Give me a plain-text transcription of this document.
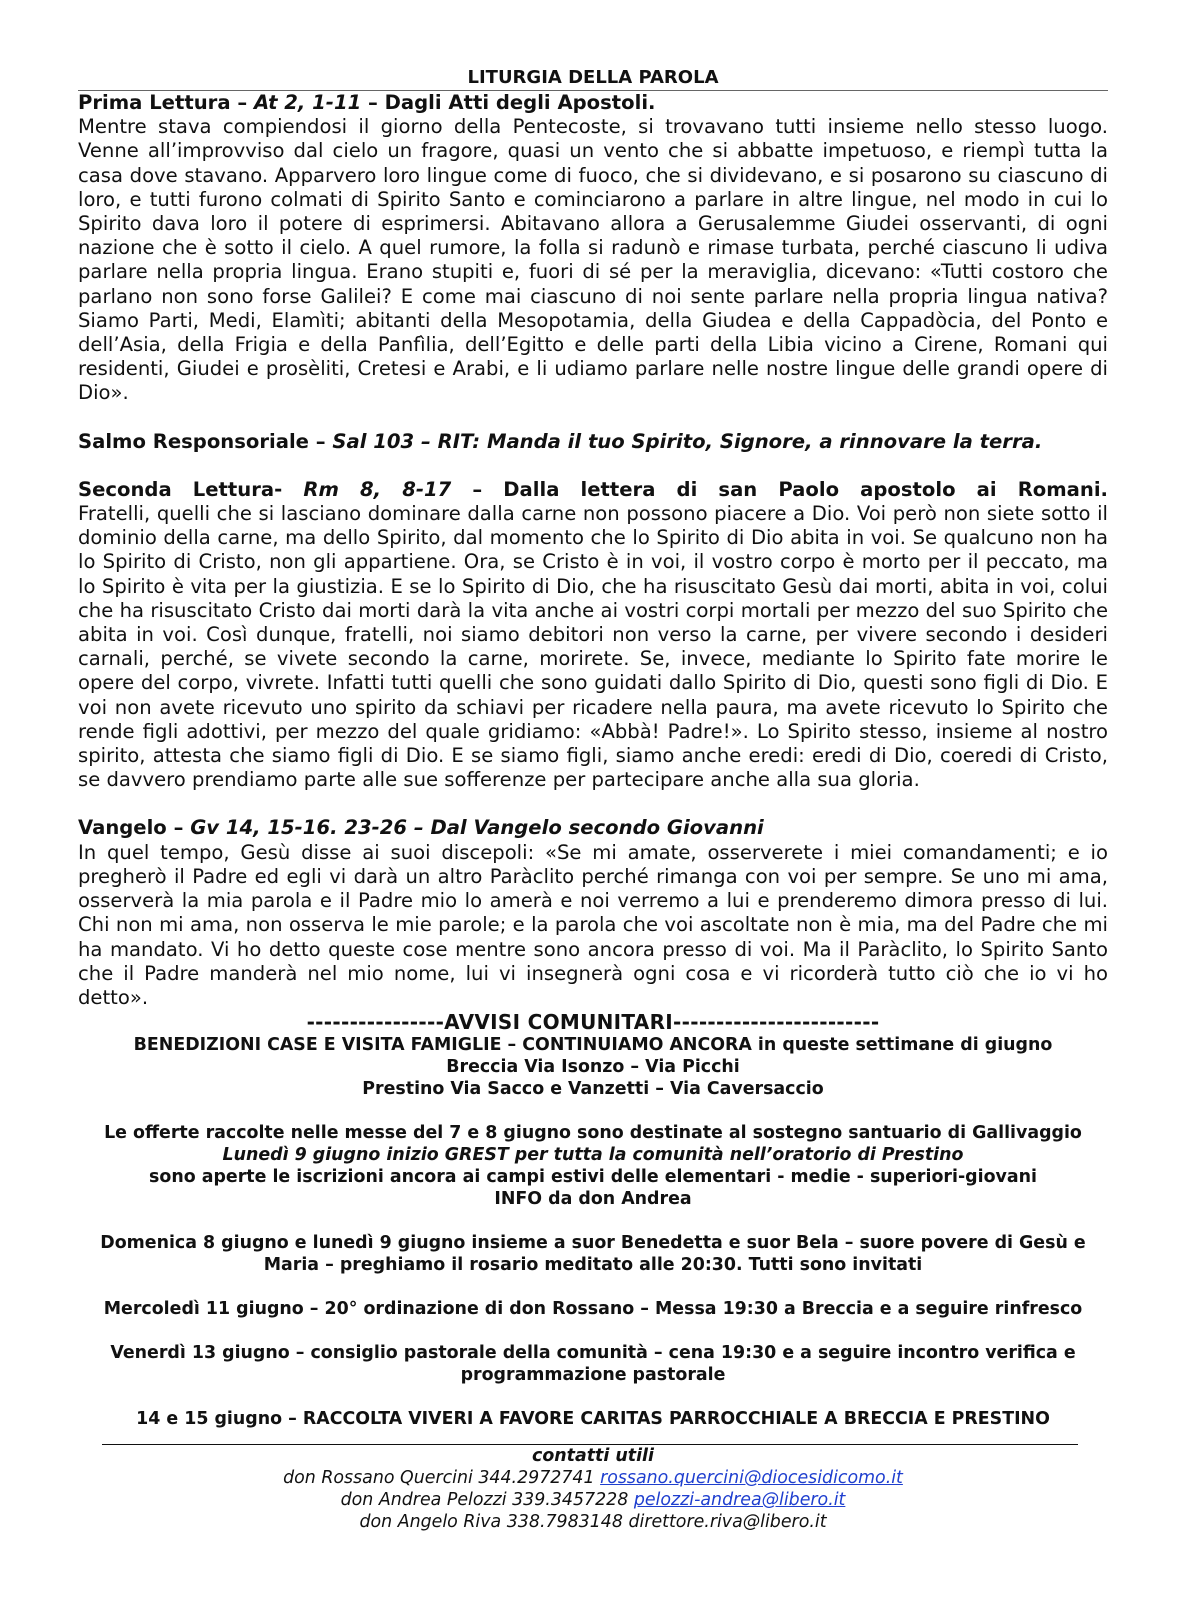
LITURGIA DELLA PAROLA
Prima Lettura – At 2, 1-11 – Dagli Atti degli Apostoli.
Mentre stava compiendosi il giorno della Pentecoste, si trovavano tutti insieme nello stesso luogo. Venne all’improvviso dal cielo un fragore, quasi un vento che si abbatte impetuoso, e riempì tutta la casa dove stavano. Apparvero loro lingue come di fuoco, che si dividevano, e si posarono su ciascuno di loro, e tutti furono colmati di Spirito Santo e cominciarono a parlare in altre lingue, nel modo in cui lo Spirito dava loro il potere di esprimersi. Abitavano allora a Gerusalemme Giudei osservanti, di ogni nazione che è sotto il cielo. A quel rumore, la folla si radunò e rimase turbata, perché ciascuno li udiva parlare nella propria lingua. Erano stupiti e, fuori di sé per la meraviglia, dicevano: «Tutti costoro che parlano non sono forse Galilei? E come mai ciascuno di noi sente parlare nella propria lingua nativa? Siamo Parti, Medi, Elamìti; abitanti della Mesopotamia, della Giudea e della Cappadòcia, del Ponto e dell’Asia, della Frigia e della Panfìlia, dell’Egitto e delle parti della Libia vicino a Cirene, Romani qui residenti, Giudei e prosèliti, Cretesi e Arabi, e li udiamo parlare nelle nostre lingue delle grandi opere di Dio».
Salmo Responsoriale – Sal 103 – RIT: Manda il tuo Spirito, Signore, a rinnovare la terra.
Seconda Lettura- Rm 8, 8-17 – Dalla lettera di san Paolo apostolo ai Romani.
Fratelli, quelli che si lasciano dominare dalla carne non possono piacere a Dio. Voi però non siete sotto il dominio della carne, ma dello Spirito, dal momento che lo Spirito di Dio abita in voi. Se qualcuno non ha lo Spirito di Cristo, non gli appartiene. Ora, se Cristo è in voi, il vostro corpo è morto per il peccato, ma lo Spirito è vita per la giustizia. E se lo Spirito di Dio, che ha risuscitato Gesù dai morti, abita in voi, colui che ha risuscitato Cristo dai morti darà la vita anche ai vostri corpi mortali per mezzo del suo Spirito che abita in voi. Così dunque, fratelli, noi siamo debitori non verso la carne, per vivere secondo i desideri carnali, perché, se vivete secondo la carne, morirete. Se, invece, mediante lo Spirito fate morire le opere del corpo, vivrete. Infatti tutti quelli che sono guidati dallo Spirito di Dio, questi sono figli di Dio. E voi non avete ricevuto uno spirito da schiavi per ricadere nella paura, ma avete ricevuto lo Spirito che rende figli adottivi, per mezzo del quale gridiamo: «Abbà! Padre!». Lo Spirito stesso, insieme al nostro spirito, attesta che siamo figli di Dio. E se siamo figli, siamo anche eredi: eredi di Dio, coeredi di Cristo, se davvero prendiamo parte alle sue sofferenze per partecipare anche alla sua gloria.
Vangelo – Gv 14, 15-16. 23-26 – Dal Vangelo secondo Giovanni
In quel tempo, Gesù disse ai suoi discepoli: «Se mi amate, osserverete i miei comandamenti; e io pregherò il Padre ed egli vi darà un altro Paràclito perché rimanga con voi per sempre. Se uno mi ama, osserverà la mia parola e il Padre mio lo amerà e noi verremo a lui e prenderemo dimora presso di lui. Chi non mi ama, non osserva le mie parole; e la parola che voi ascoltate non è mia, ma del Padre che mi ha mandato. Vi ho detto queste cose mentre sono ancora presso di voi. Ma il Paràclito, lo Spirito Santo che il Padre manderà nel mio nome, lui vi insegnerà ogni cosa e vi ricorderà tutto ciò che io vi ho detto».
----------------AVVISI COMUNITARI------------------------
BENEDIZIONI CASE E VISITA FAMIGLIE – CONTINUIAMO ANCORA in queste settimane di giugno
Breccia Via Isonzo – Via Picchi
Prestino Via Sacco e Vanzetti – Via Caversaccio
Le offerte raccolte nelle messe del 7 e 8 giugno sono destinate al sostegno santuario di Gallivaggio
Lunedì 9 giugno inizio GREST per tutta la comunità nell’oratorio di Prestino
sono aperte le iscrizioni ancora ai campi estivi delle elementari - medie - superiori-giovani
INFO da don Andrea
Domenica 8 giugno e lunedì 9 giugno insieme a suor Benedetta e suor Bela – suore povere di Gesù e
Maria – preghiamo il rosario meditato alle 20:30. Tutti sono invitati
Mercoledì 11 giugno – 20° ordinazione di don Rossano – Messa 19:30 a Breccia e a seguire rinfresco
Venerdì 13 giugno – consiglio pastorale della comunità – cena 19:30 e a seguire incontro verifica e
programmazione pastorale
14 e 15 giugno – RACCOLTA VIVERI A FAVORE CARITAS PARROCCHIALE A BRECCIA E PRESTINO
contatti utili
don Rossano Quercini 344.2972741 rossano.quercini@diocesidicomo.it
don Andrea Pelozzi 339.3457228 pelozzi-andrea@libero.it
don Angelo Riva 338.7983148 direttore.riva@libero.it
